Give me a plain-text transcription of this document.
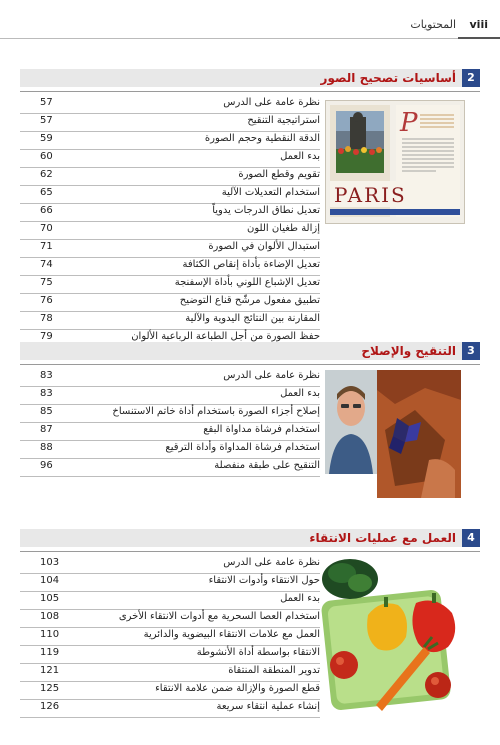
viii
المحتويات
2
أساسيات تصحيح الصور
P
PARIS
نظرة عامة على الدرس
57
استراتيجية التنقيح
57
الدقة النقطية وحجم الصورة
59
بدء العمل
60
تقويم وقطع الصورة
62
استخدام التعديلات الآلية
65
تعديل نطاق الدرجات يدوياً
66
إزالة طغيان اللون
70
استبدال الألوان في الصورة
71
تعديل الإضاءة بأداة إنقاص الكثافة
74
تعديل الإشباع اللوني بأداة الإسفنجة
75
تطبيق مفعول مرشّح قناع التوضيح
76
المقارنة بين النتائج اليدوية والآلية
78
حفظ الصورة من أجل الطباعة الرباعية الألوان
79
3
التنقيح والإصلاح
نظرة عامة على الدرس
83
بدء العمل
83
إصلاح أجزاء الصورة باستخدام أداة خاتم الاستنساخ
85
استخدام فرشاة مداواة البقع
87
استخدام فرشاة المداواة وأداة الترقيع
88
التنقيح على طبقة منفصلة
96
4
العمل مع عمليات الانتقاء
نظرة عامة على الدرس
103
حول الانتقاء وأدوات الانتقاء
104
بدء العمل
105
استخدام العصا السحرية مع أدوات الانتقاء الأخرى
108
العمل مع علامات الانتقاء البيضوية والدائرية
110
الانتقاء بواسطة أداة الأنشوطة
119
تدوير المنطقة المنتقاة
121
قطع الصورة والإزالة ضمن علامة الانتقاء
125
إنشاء عملية انتقاء سريعة
126
